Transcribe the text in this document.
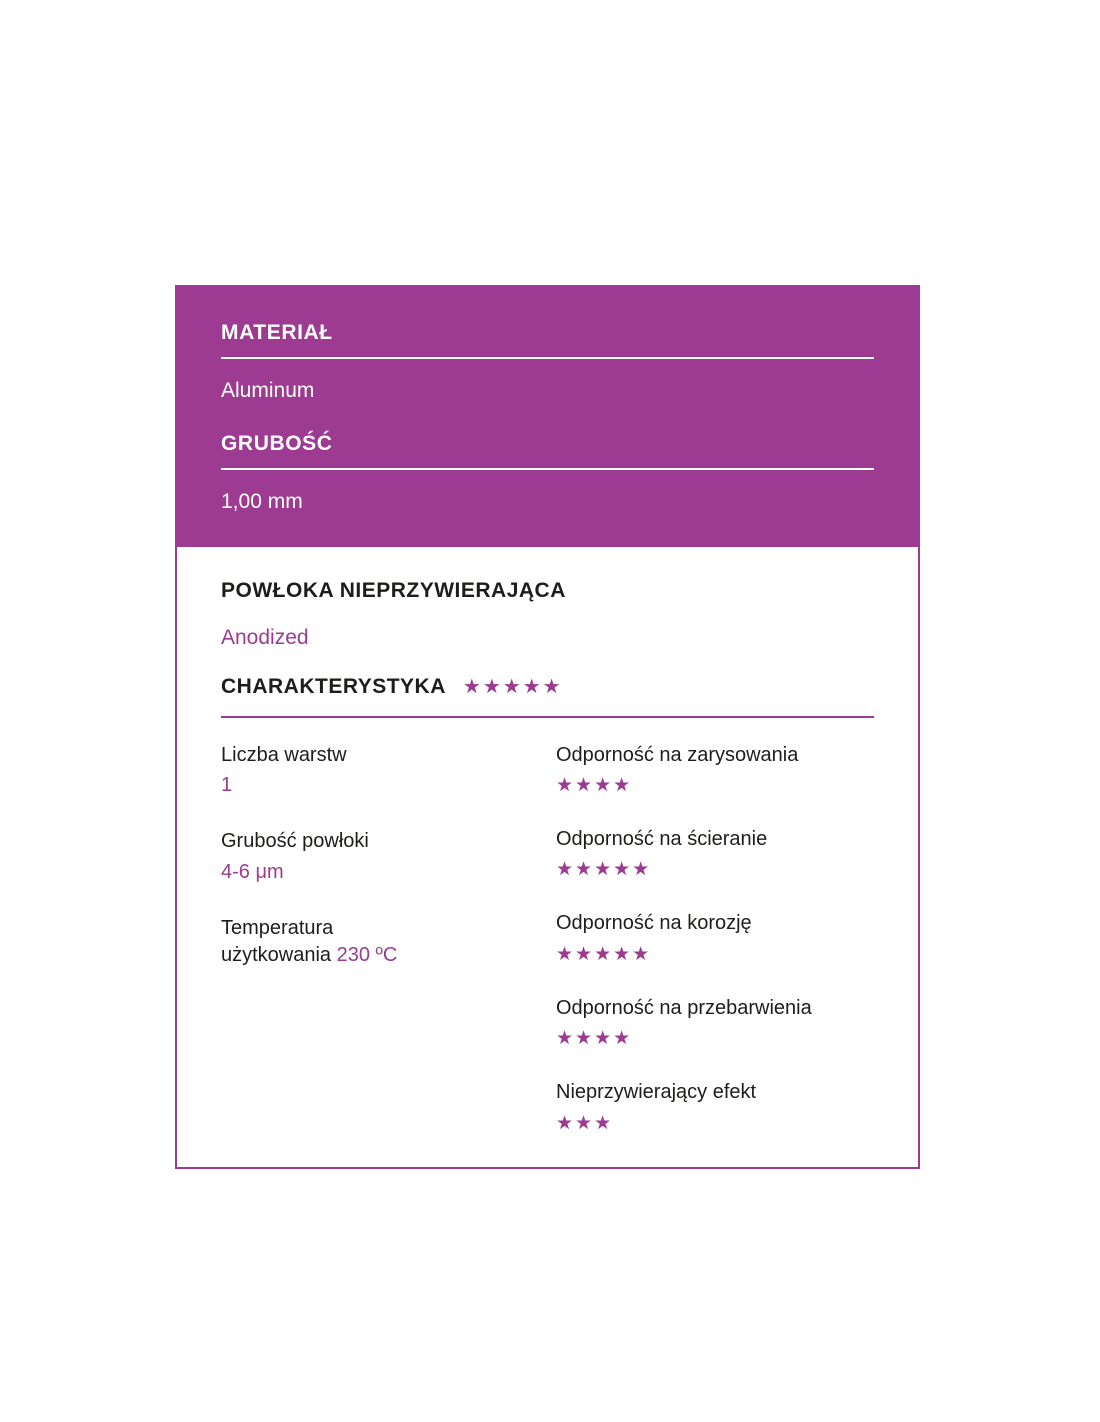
MATERIAŁ
Aluminum
GRUBOŚĆ
1,00 mm
POWŁOKA NIEPRZYWIERAJĄCA
Anodized
CHARAKTERYSTYKA ★★★★★
Liczba warstw
1
Grubość powłoki
4-6 μm
Temperatura
użytkowania 230 ºC
Odporność na zarysowania
★★★★
Odporność na ścieranie
★★★★★
Odporność na korozję
★★★★★
Odporność na przebarwienia
★★★★
Nieprzywierający efekt
★★★
